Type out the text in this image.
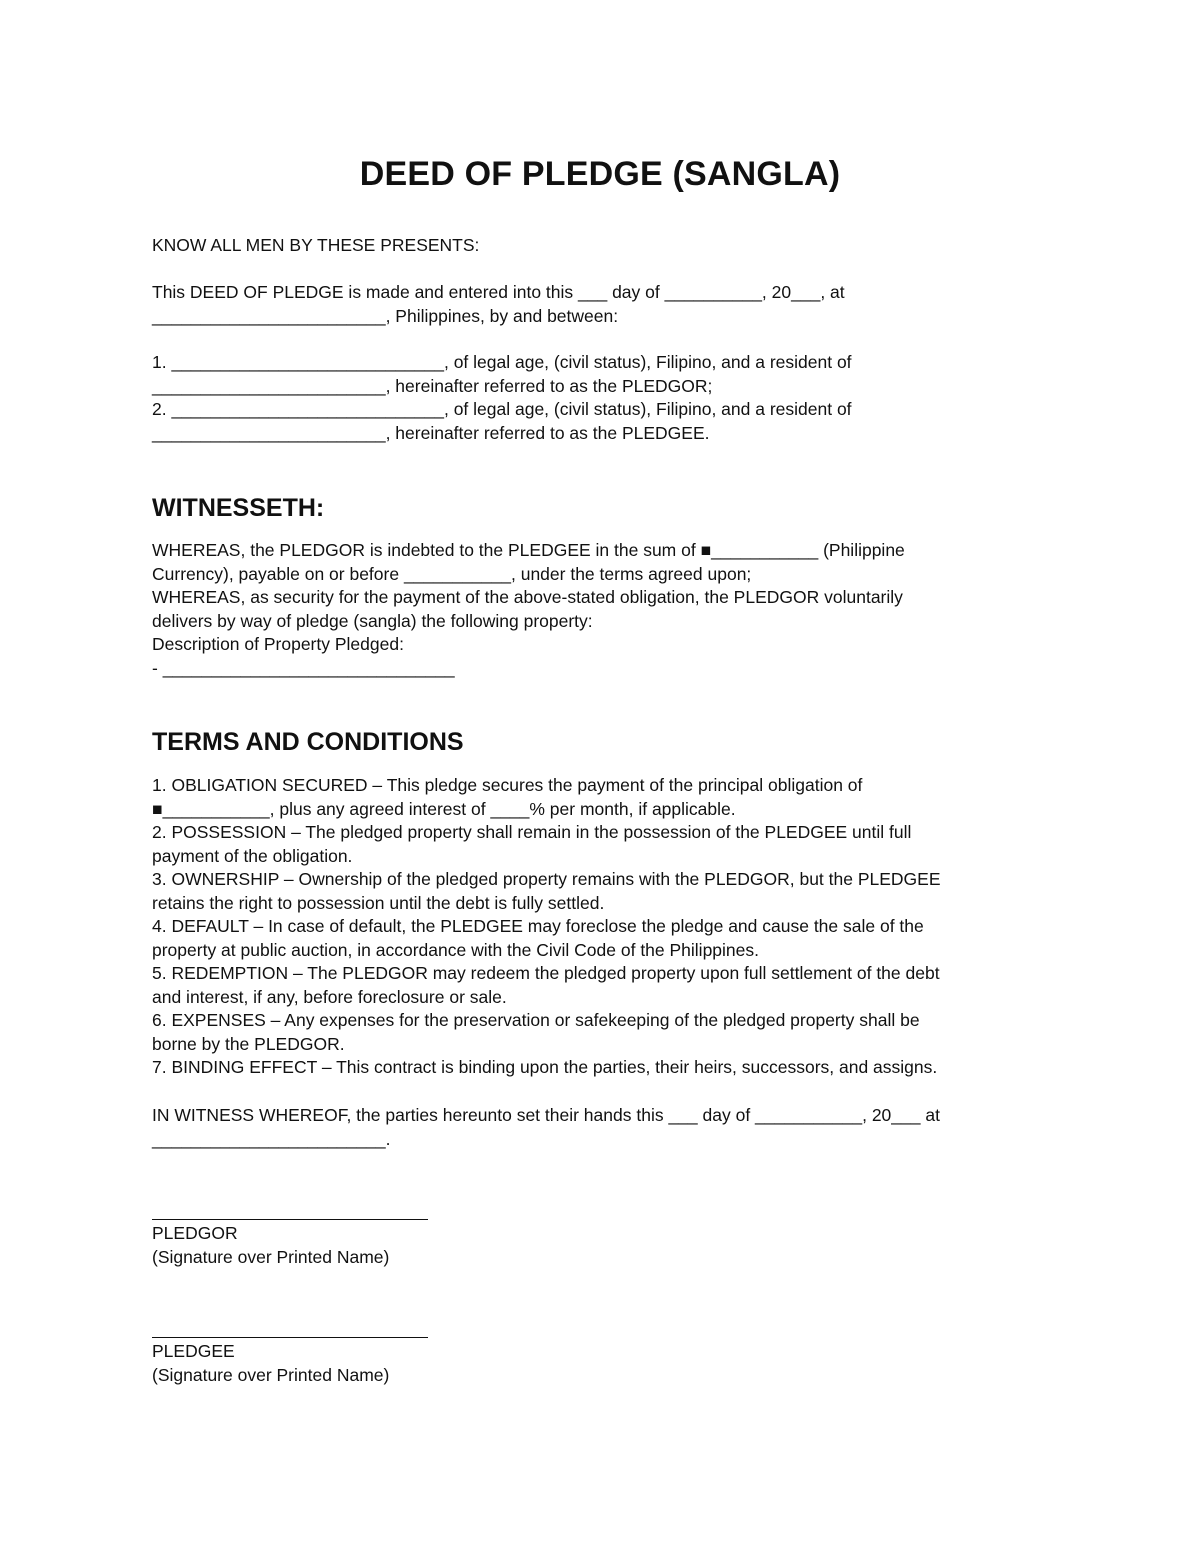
DEED OF PLEDGE (SANGLA)
KNOW ALL MEN BY THESE PRESENTS:
This DEED OF PLEDGE is made and entered into this ___ day of __________, 20___, at
________________________, Philippines, by and between:
1. ____________________________, of legal age, (civil status), Filipino, and a resident of
________________________, hereinafter referred to as the PLEDGOR;
2. ____________________________, of legal age, (civil status), Filipino, and a resident of
________________________, hereinafter referred to as the PLEDGEE.
WITNESSETH:
WHEREAS, the PLEDGOR is indebted to the PLEDGEE in the sum of ■___________ (Philippine
Currency), payable on or before ___________, under the terms agreed upon;
WHEREAS, as security for the payment of the above-stated obligation, the PLEDGOR voluntarily
delivers by way of pledge (sangla) the following property:
Description of Property Pledged:
- ______________________________
TERMS AND CONDITIONS
1. OBLIGATION SECURED – This pledge secures the payment of the principal obligation of
■___________, plus any agreed interest of ____% per month, if applicable.
2. POSSESSION – The pledged property shall remain in the possession of the PLEDGEE until full
payment of the obligation.
3. OWNERSHIP – Ownership of the pledged property remains with the PLEDGOR, but the PLEDGEE
retains the right to possession until the debt is fully settled.
4. DEFAULT – In case of default, the PLEDGEE may foreclose the pledge and cause the sale of the
property at public auction, in accordance with the Civil Code of the Philippines.
5. REDEMPTION – The PLEDGOR may redeem the pledged property upon full settlement of the debt
and interest, if any, before foreclosure or sale.
6. EXPENSES – Any expenses for the preservation or safekeeping of the pledged property shall be
borne by the PLEDGOR.
7. BINDING EFFECT – This contract is binding upon the parties, their heirs, successors, and assigns.
IN WITNESS WHEREOF, the parties hereunto set their hands this ___ day of ___________, 20___ at
________________________.
PLEDGOR
(Signature over Printed Name)
PLEDGEE
(Signature over Printed Name)
